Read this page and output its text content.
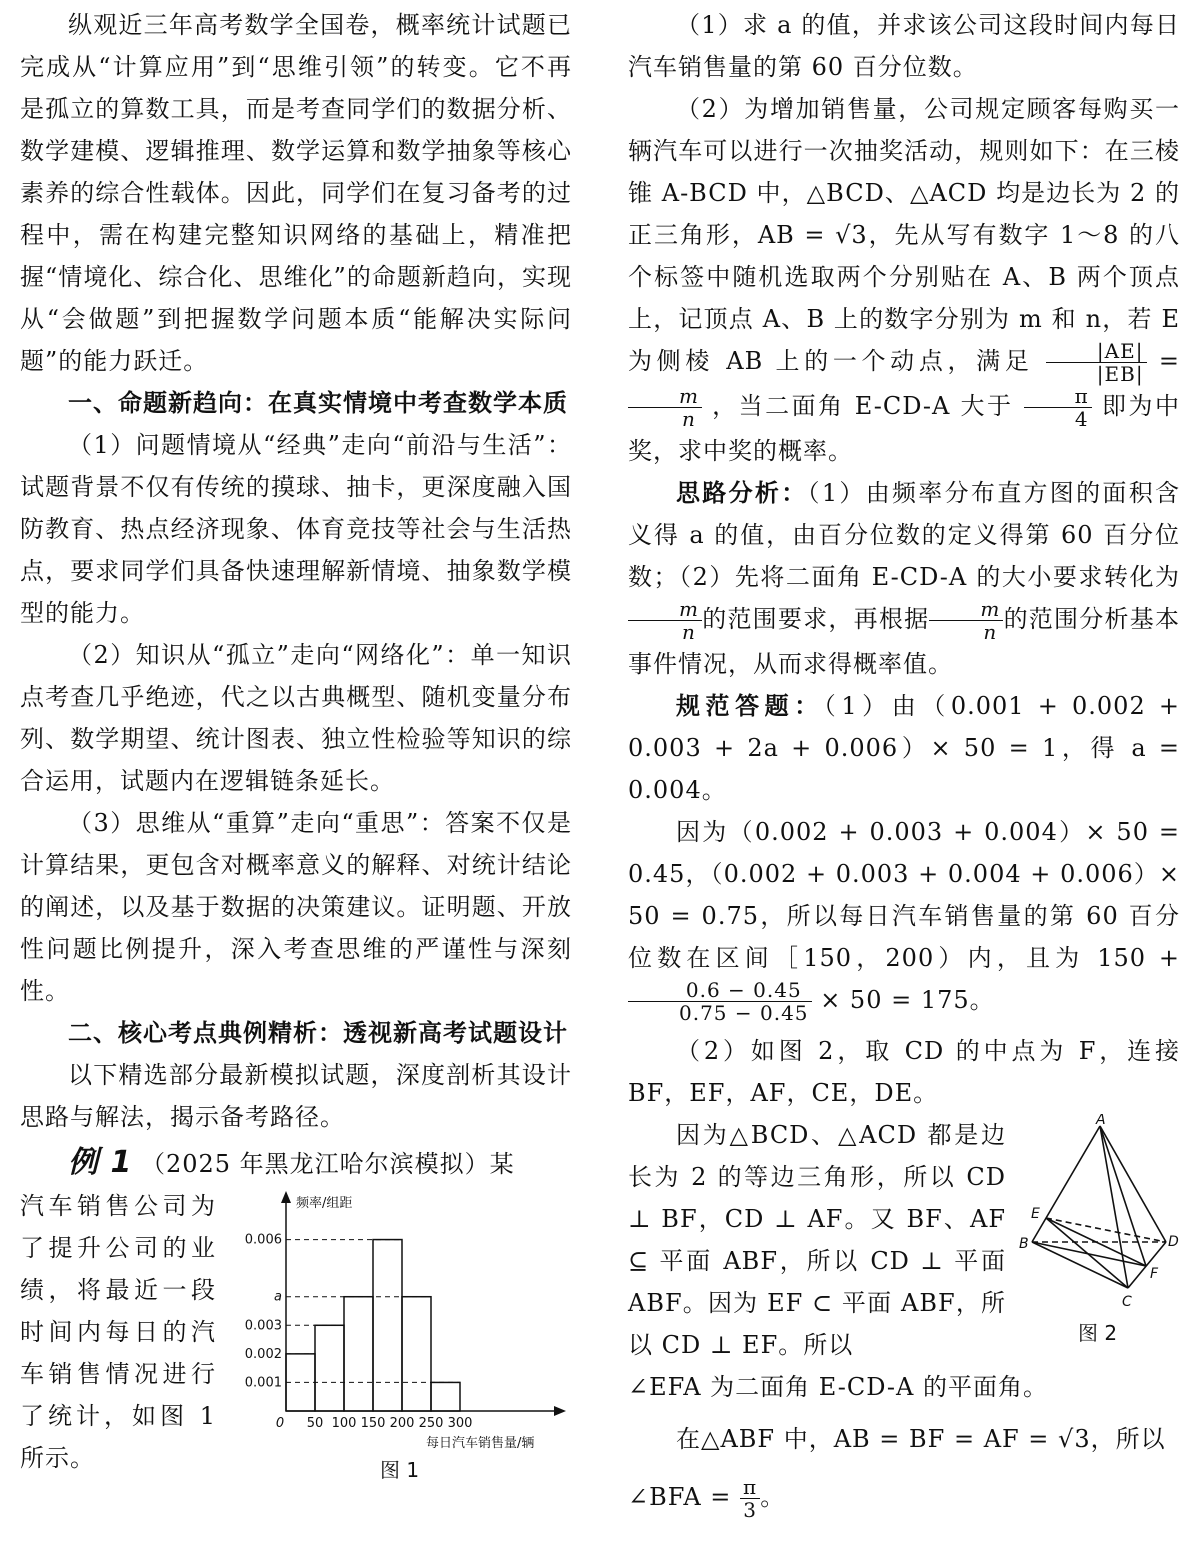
纵观近三年高考数学全国卷，概率统计试题已完成从“计算应用”到“思维引领”的转变。它不再是孤立的算数工具，而是考查同学们的数据分析、数学建模、逻辑推理、数学运算和数学抽象等核心素养的综合性载体。因此，同学们在复习备考的过程中，需在构建完整知识网络的基础上，精准把握“情境化、综合化、思维化”的命题新趋向，实现从“会做题”到把握数学问题本质“能解决实际问题”的能力跃迁。

一、命题新趋向：在真实情境中考查数学本质

（1）问题情境从“经典”走向“前沿与生活”：试题背景不仅有传统的摸球、抽卡，更深度融入国防教育、热点经济现象、体育竞技等社会与生活热点，要求同学们具备快速理解新情境、抽象数学模型的能力。

（2）知识从“孤立”走向“网络化”：单一知识点考查几乎绝迹，代之以古典概型、随机变量分布列、数学期望、统计图表、独立性检验等知识的综合运用，试题内在逻辑链条延长。

（3）思维从“重算”走向“重思”：答案不仅是计算结果，更包含对概率意义的解释、对统计结论的阐述，以及基于数据的决策建议。证明题、开放性问题比例提升，深入考查思维的严谨性与深刻性。

二、核心考点典例精析：透视新高考试题设计

以下精选部分最新模拟试题，深度剖析其设计思路与解法，揭示备考路径。

例 1 （2025 年黑龙江哈尔滨模拟）某

汽车销售公司为了提升公司的业绩，将最近一段时间内每日的汽车销售情况进行了统计，如图 1 所示。

频率/组距
每日汽车销售量/辆
0.002
0.003
a
0.006
0.001
0 50 100 150 200 250 300
图 1

（1）求 a 的值，并求该公司这段时间内每日汽车销售量的第 60 百分位数。

（2）为增加销售量，公司规定顾客每购买一辆汽车可以进行一次抽奖活动，规则如下：在三棱锥 A-BCD 中，△BCD、△ACD 均是边长为 2 的正三角形，AB = √3，先从写有数字 1～8 的八个标签中随机选取两个分别贴在 A、B 两个顶点上，记顶点 A、B 上的数字分别为 m 和 n，若 E 为侧棱 AB 上的一个动点，满足 $\frac{|AE|}{|EB|}$ =
$\frac{m}{n}$ ，当二面角 E-CD-A 大于 $\frac{\pi}{4}$ 即为中奖，求中奖的概率。

思路分析：（1）由频率分布直方图的面积含义得 a 的值，由百分位数的定义得第 60 百分位数；（2）先将二面角 E-CD-A 的大小要求转化为
$\frac{m}{n}$ 的范围要求，再根据 $\frac{m}{n}$ 的范围分析基本事件情况，从而求得概率值。

规范答题：（1）由（0.001 + 0.002 + 0.003 + 2a + 0.006）× 50 = 1，得 a = 0.004。

因为（0.002 + 0.003 + 0.004）× 50 = 0.45，（0.002 + 0.003 + 0.004 + 0.006）× 50 = 0.75，所以每日汽车销售量的第 60 百分位数在区间［150，200）内，且为 150 +
$\frac{0.6 - 0.45}{0.75 - 0.45} \times 50 = 175$。

（2）如图 2，取 CD 的中点为 F，连接 BF，EF，AF，CE，DE。

因为△BCD、△ACD 都是边长为 2 的等边三角形，所以 CD ⊥ BF，CD ⊥ AF。又 BF、AF ⊆ 平面 ABF，所以 CD ⊥ 平面 ABF。因为 EF ⊂ 平面 ABF，所以 CD ⊥ EF。所以

A
B
C
D
E
F
图 2

∠EFA 为二面角 E-CD-A 的平面角。

在△ABF 中，AB = BF = AF = √3，所以

∠BFA = $\frac{\pi}{3}$ 。
